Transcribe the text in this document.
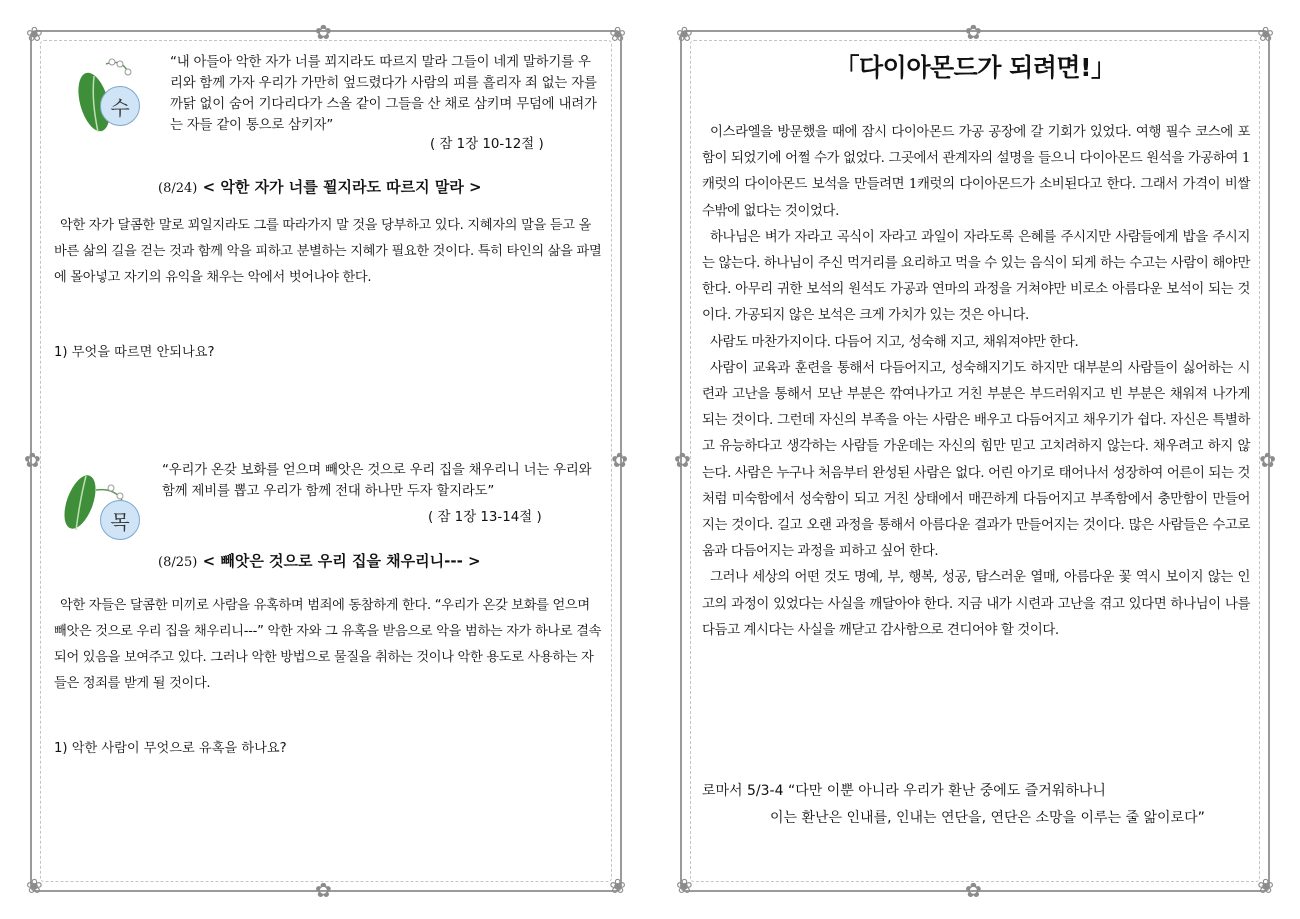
❀	❀
❀	❀
✿	✿
✿
✿
수
“내 아들아 악한 자가 너를 꾀지라도 따르지 말라 그들이 네게 말하기를 우리와 함께 가자 우리가 가만히 엎드렸다가 사람의 피를 흘리자 죄 없는 자를 까닭 없이 숨어 기다리다가 스올 같이 그들을 산 채로 삼키며 무덤에 내려가는 자들 같이 통으로 삼키자”
( 잠 1장 10-12절 )
(8/24) < 악한 자가 너를 꾈지라도 따르지 말라 >
악한 자가 달콤한 말로 꾀일지라도 그를 따라가지 말 것을 당부하고 있다. 지혜자의 말을 듣고 올바른 삶의 길을 걷는 것과 함께 악을 피하고 분별하는 지혜가 필요한 것이다. 특히 타인의 삶을 파멸에 몰아넣고 자기의 유익을 채우는 악에서 벗어나야 한다.
1) 무엇을 따르면 안되나요?
목
“우리가 온갖 보화를 얻으며 빼앗은 것으로 우리 집을 채우리니 너는 우리와 함께 제비를 뽑고 우리가 함께 전대 하나만 두자 할지라도”
( 잠 1장 13-14절 )
(8/25) < 빼앗은 것으로 우리 집을 채우리니--- >
악한 자들은 달콤한 미끼로 사람을 유혹하며 범죄에 동참하게 한다. “우리가 온갖 보화를 얻으며 빼앗은 것으로 우리 집을 채우리니---” 악한 자와 그 유혹을 받음으로 악을 범하는 자가 하나로 결속되어 있음을 보여주고 있다. 그러나 악한 방법으로 물질을 취하는 것이나 악한 용도로 사용하는 자들은 정죄를 받게 될 것이다.
1) 악한 사람이 무엇으로 유혹을 하나요?
❀	❀
❀	❀
✿	✿
✿
✿
「다이아몬드가 되려면!」

이스라엘을 방문했을 때에 잠시 다이아몬드 가공 공장에 갈 기회가 있었다. 여행 필수 코스에 포함이 되었기에 어쩔 수가 없었다. 그곳에서 관계자의 설명을 들으니 다이아몬드 원석을 가공하여 1캐럿의 다이아몬드 보석을 만들려면 1캐럿의 다이아몬드가 소비된다고 한다. 그래서 가격이 비쌀 수밖에 없다는 것이었다.

하나님은 벼가 자라고 곡식이 자라고 과일이 자라도록 은혜를 주시지만 사람들에게 밥을 주시지는 않는다. 하나님이 주신 먹거리를 요리하고 먹을 수 있는 음식이 되게 하는 수고는 사람이 해야만 한다. 아무리 귀한 보석의 원석도 가공과 연마의 과정을 거쳐야만 비로소 아름다운 보석이 되는 것이다. 가공되지 않은 보석은 크게 가치가 있는 것은 아니다.

사람도 마찬가지이다. 다듬어 지고, 성숙해 지고, 채워져야만 한다.

사람이 교육과 훈련을 통해서 다듬어지고, 성숙해지기도 하지만 대부분의 사람들이 싫어하는 시련과 고난을 통해서 모난 부분은 깎여나가고 거친 부분은 부드러워지고 빈 부분은 채워져 나가게 되는 것이다. 그런데 자신의 부족을 아는 사람은 배우고 다듬어지고 채우기가 쉽다. 자신은 특별하고 유능하다고 생각하는 사람들 가운데는 자신의 힘만 믿고 고치려하지 않는다. 채우려고 하지 않는다. 사람은 누구나 처음부터 완성된 사람은 없다. 어린 아기로 태어나서 성장하여 어른이 되는 것처럼 미숙함에서 성숙함이 되고 거친 상태에서 매끈하게 다듬어지고 부족함에서 충만함이 만들어지는 것이다. 길고 오랜 과정을 통해서 아름다운 결과가 만들어지는 것이다. 많은 사람들은 수고로움과 다듬어지는 과정을 피하고 싶어 한다.

그러나 세상의 어떤 것도 명예, 부, 행복, 성공, 탐스러운 열매, 아름다운 꽃 역시 보이지 않는 인고의 과정이 있었다는 사실을 깨달아야 한다. 지금 내가 시련과 고난을 겪고 있다면 하나님이 나를 다듬고 계시다는 사실을 깨닫고 감사함으로 견디어야 할 것이다.

로마서 5/3-4 “다만 이뿐 아니라 우리가 환난 중에도 즐거워하나니
이는 환난은 인내를, 인내는 연단을, 연단은 소망을 이루는 줄 앎이로다”
